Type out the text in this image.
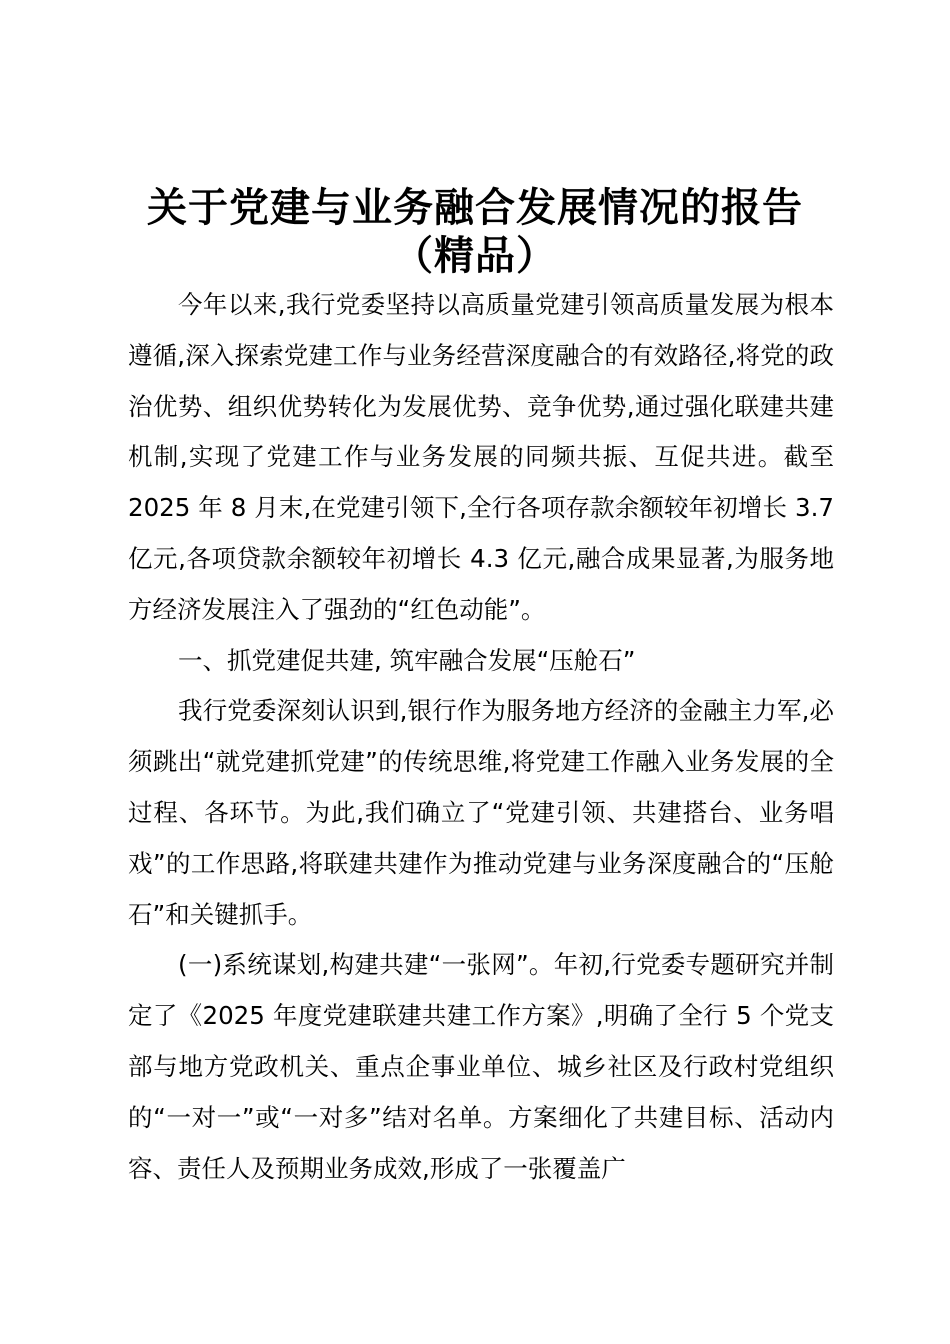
关于党建与业务融合发展情况的报告
（精品）

今年以来,我行党委坚持以高质量党建引领高质量发展为根本遵循,深入探索党建工作与业务经营深度融合的有效路径,将党的政治优势、组织优势转化为发展优势、竞争优势,通过强化联建共建机制,实现了党建工作与业务发展的同频共振、互促共进。截至 2025 年 8 月末,在党建引领下,全行各项存款余额较年初增长 3.7 亿元,各项贷款余额较年初增长 4.3 亿元,融合成果显著,为服务地方经济发展注入了强劲的“红色动能”。

一、抓党建促共建, 筑牢融合发展“压舱石”

我行党委深刻认识到,银行作为服务地方经济的金融主力军,必须跳出“就党建抓党建”的传统思维,将党建工作融入业务发展的全过程、各环节。为此,我们确立了“党建引领、共建搭台、业务唱戏”的工作思路,将联建共建作为推动党建与业务深度融合的“压舱石”和关键抓手。

(一)系统谋划,构建共建“一张网”。年初,行党委专题研究并制定了《2025 年度党建联建共建工作方案》,明确了全行 5 个党支部与地方党政机关、重点企事业单位、城乡社区及行政村党组织的“一对一”或“一对多”结对名单。方案细化了共建目标、活动内容、责任人及预期业务成效,形成了一张覆盖广
